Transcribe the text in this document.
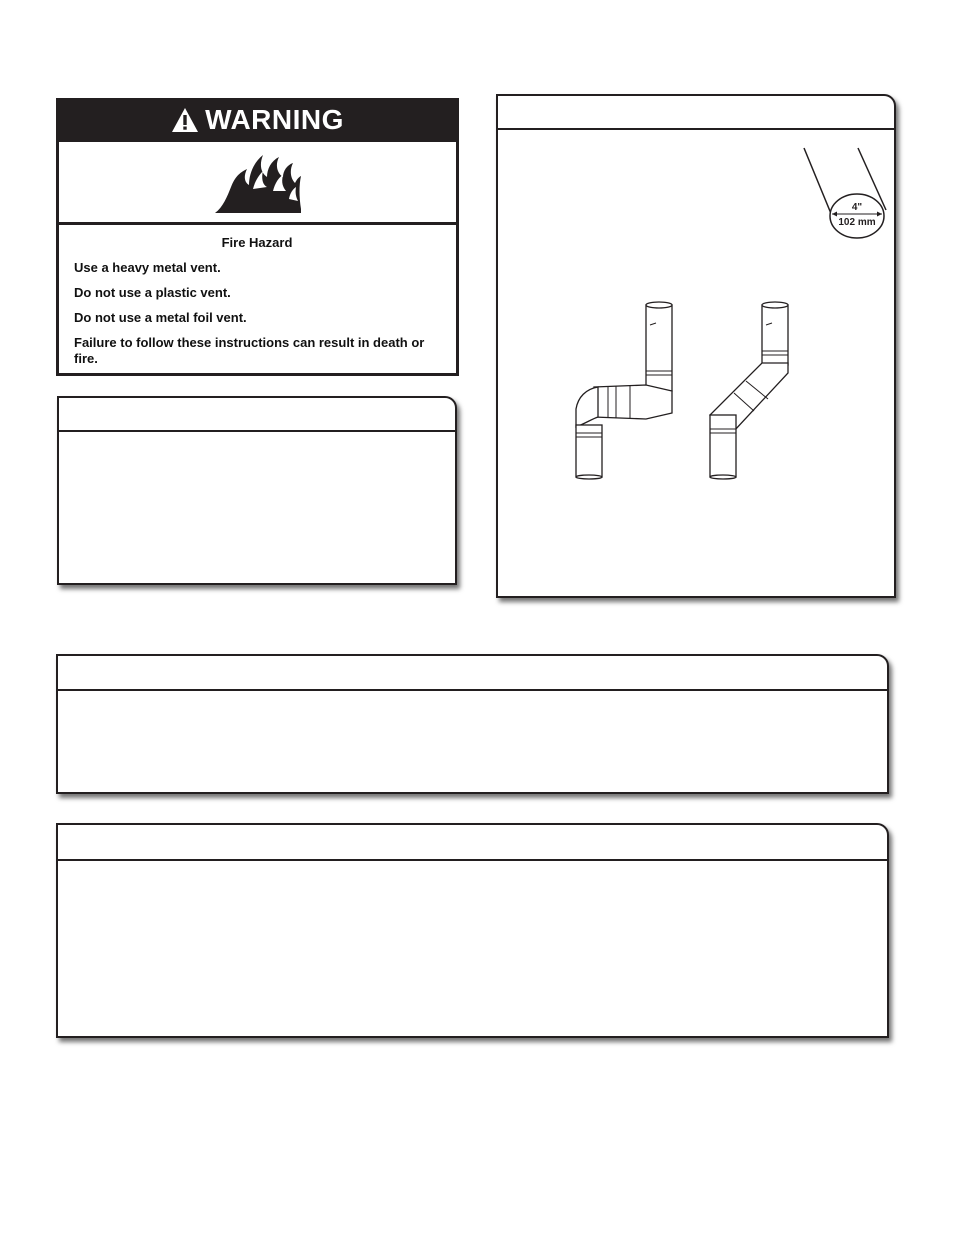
WARNING

Fire Hazard

Use a heavy metal vent.

Do not use a plastic vent.

Do not use a metal foil vent.

Failure to follow these instructions can result in death or fire.

4"
102 mm
